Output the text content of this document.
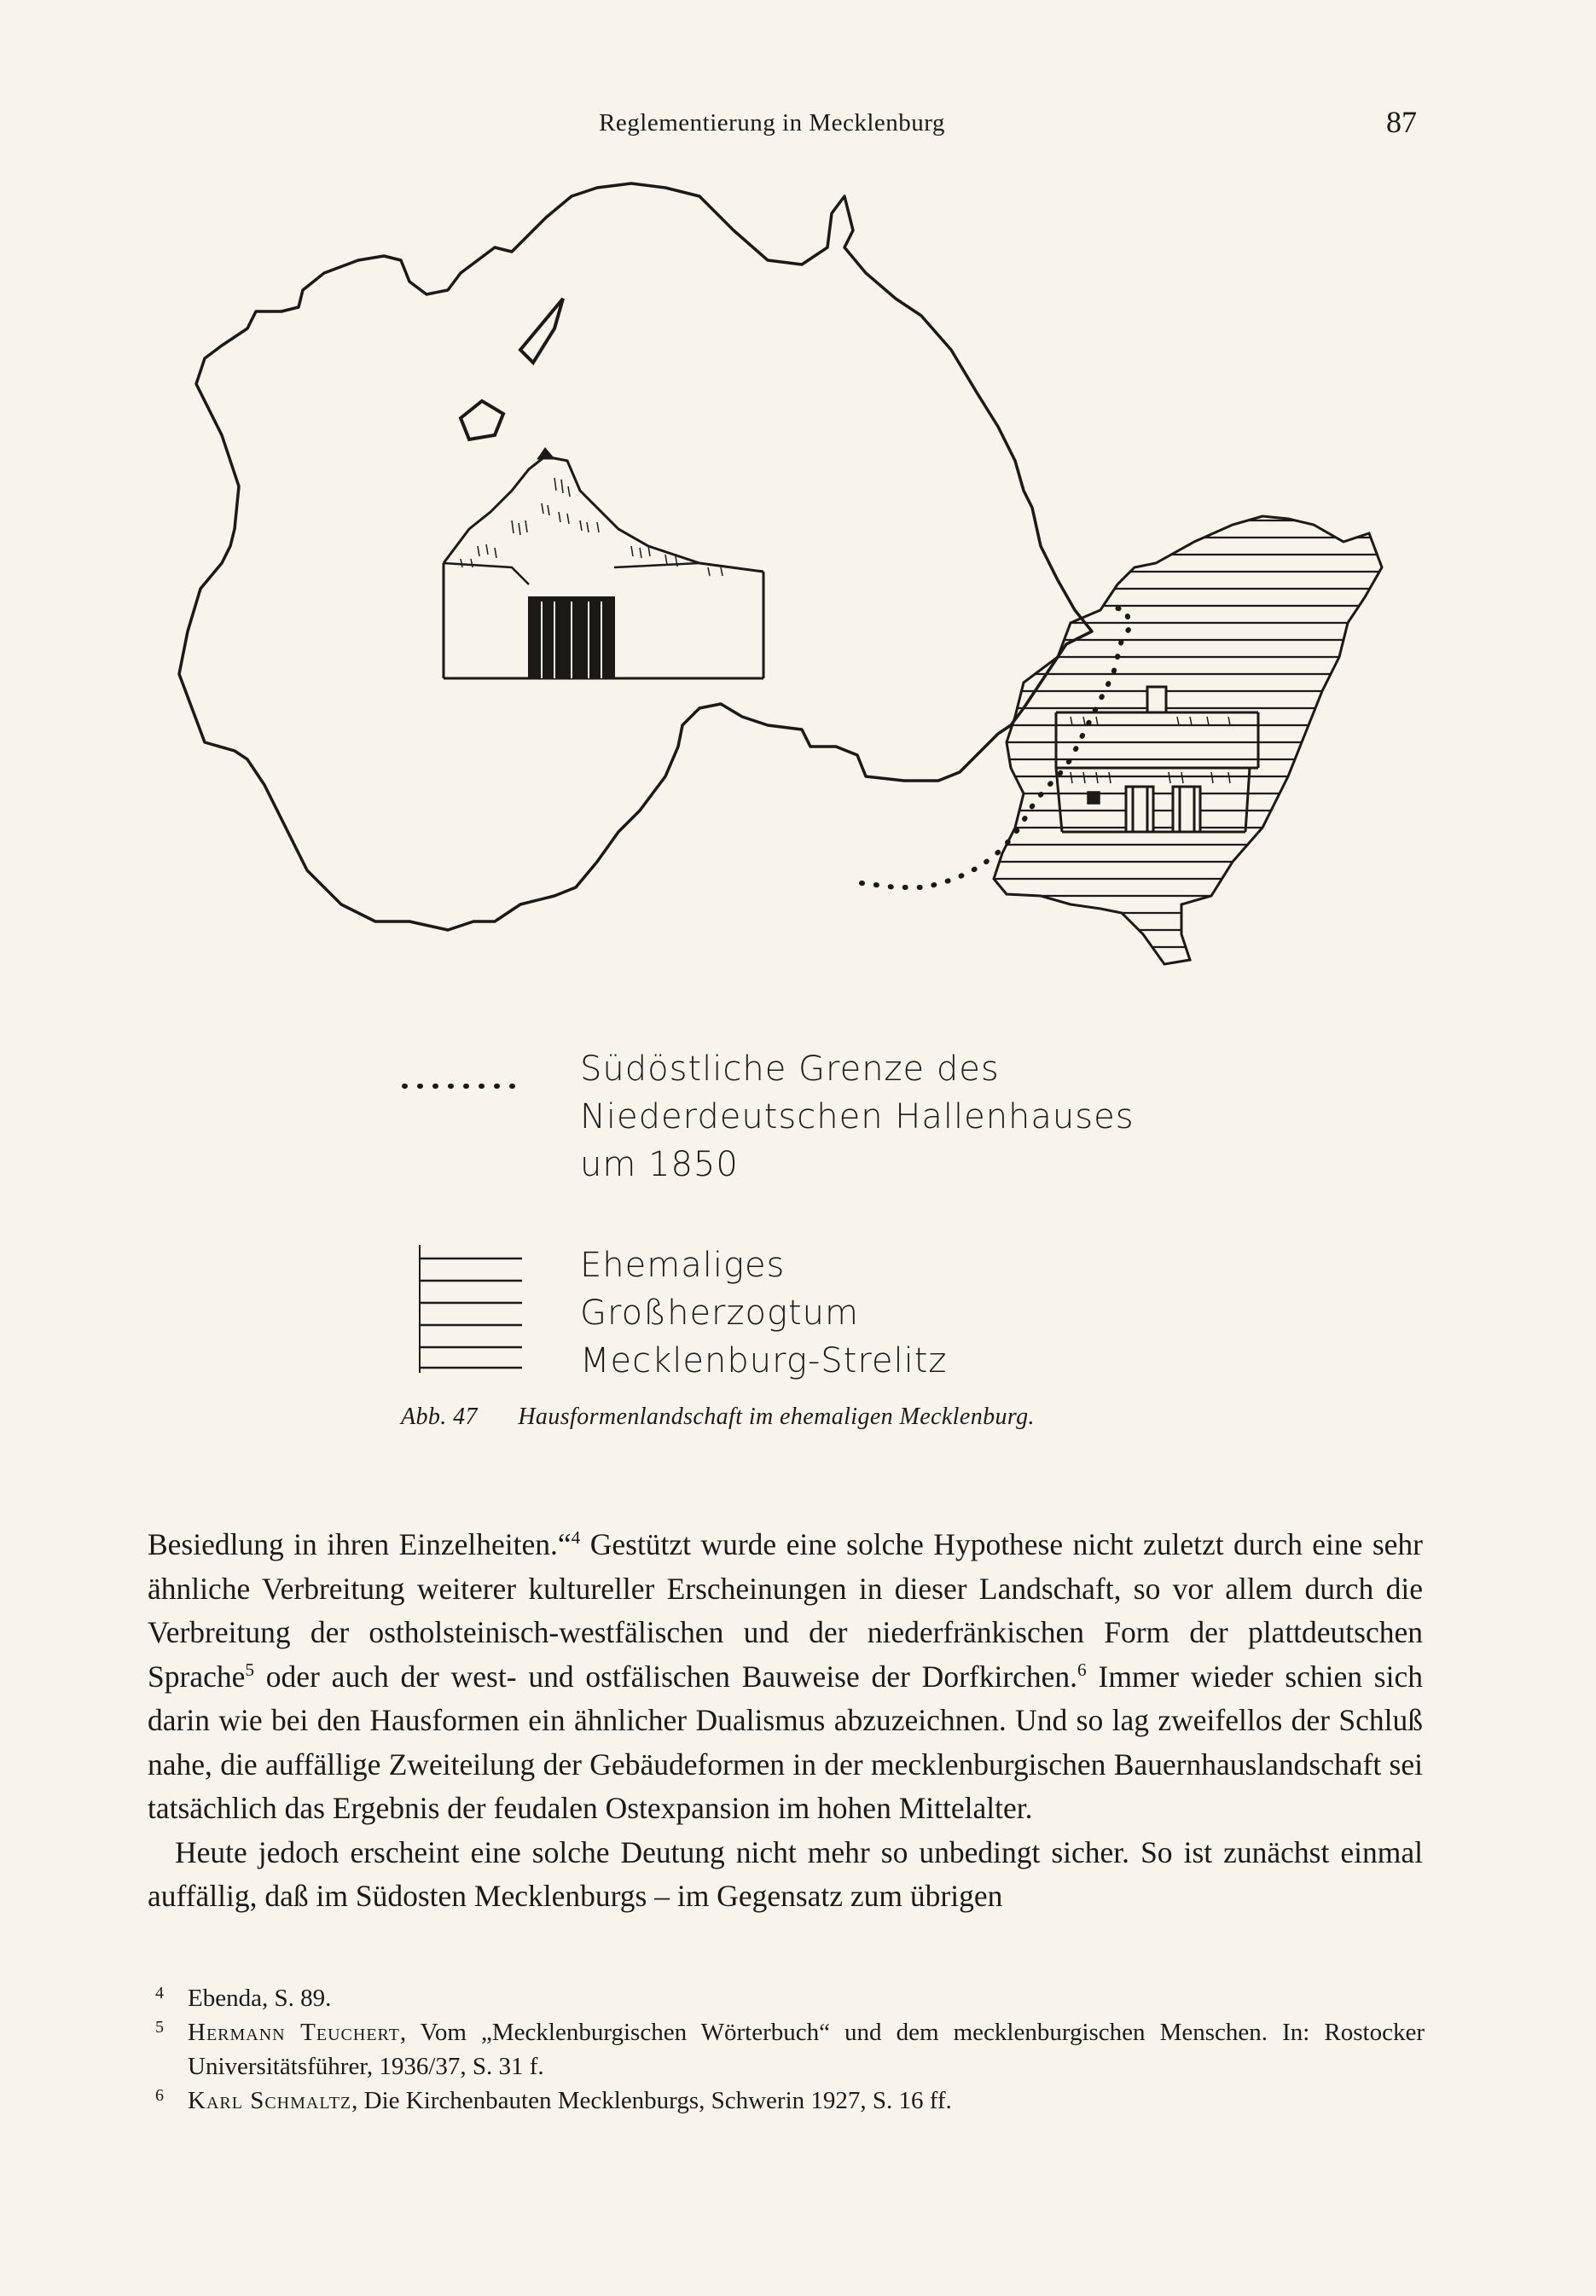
Reglementierung in Mecklenburg	87
Südöstliche Grenze des
Niederdeutschen Hallenhauses
um 1850
Ehemaliges
Großherzogtum
Mecklenburg-Strelitz
Abb. 47 Hausformenlandschaft im ehemaligen Mecklenburg.

Besiedlung in ihren Einzelheiten.“$^4$ Gestützt wurde eine solche Hypothese nicht zuletzt durch eine sehr ähnliche Verbreitung weiterer kultureller Erscheinungen in dieser Landschaft, so vor allem durch die Verbreitung der ostholsteinisch-westfälischen und der niederfränkischen Form der plattdeutschen Sprache$^5$ oder auch der west- und ostfälischen Bauweise der Dorfkirchen.$^6$ Immer wieder schien sich darin wie bei den Hausformen ein ähnlicher Dualismus abzuzeichnen. Und so lag zweifellos der Schluß nahe, die auffällige Zweiteilung der Gebäudeformen in der mecklenburgischen Bauernhauslandschaft sei tatsächlich das Ergebnis der feudalen Ostexpansion im hohen Mittelalter.

Heute jedoch erscheint eine solche Deutung nicht mehr so unbedingt sicher. So ist zunächst einmal auffällig, daß im Südosten Mecklenburgs – im Gegensatz zum übrigen

4 Ebenda, S. 89.
5 Hermann Teuchert, Vom „Mecklenburgischen Wörterbuch“ und dem mecklenburgischen Menschen. In: Rostocker Universitätsführer, 1936/37, S. 31 f.
6 Karl Schmaltz, Die Kirchenbauten Mecklenburgs, Schwerin 1927, S. 16 ff.
